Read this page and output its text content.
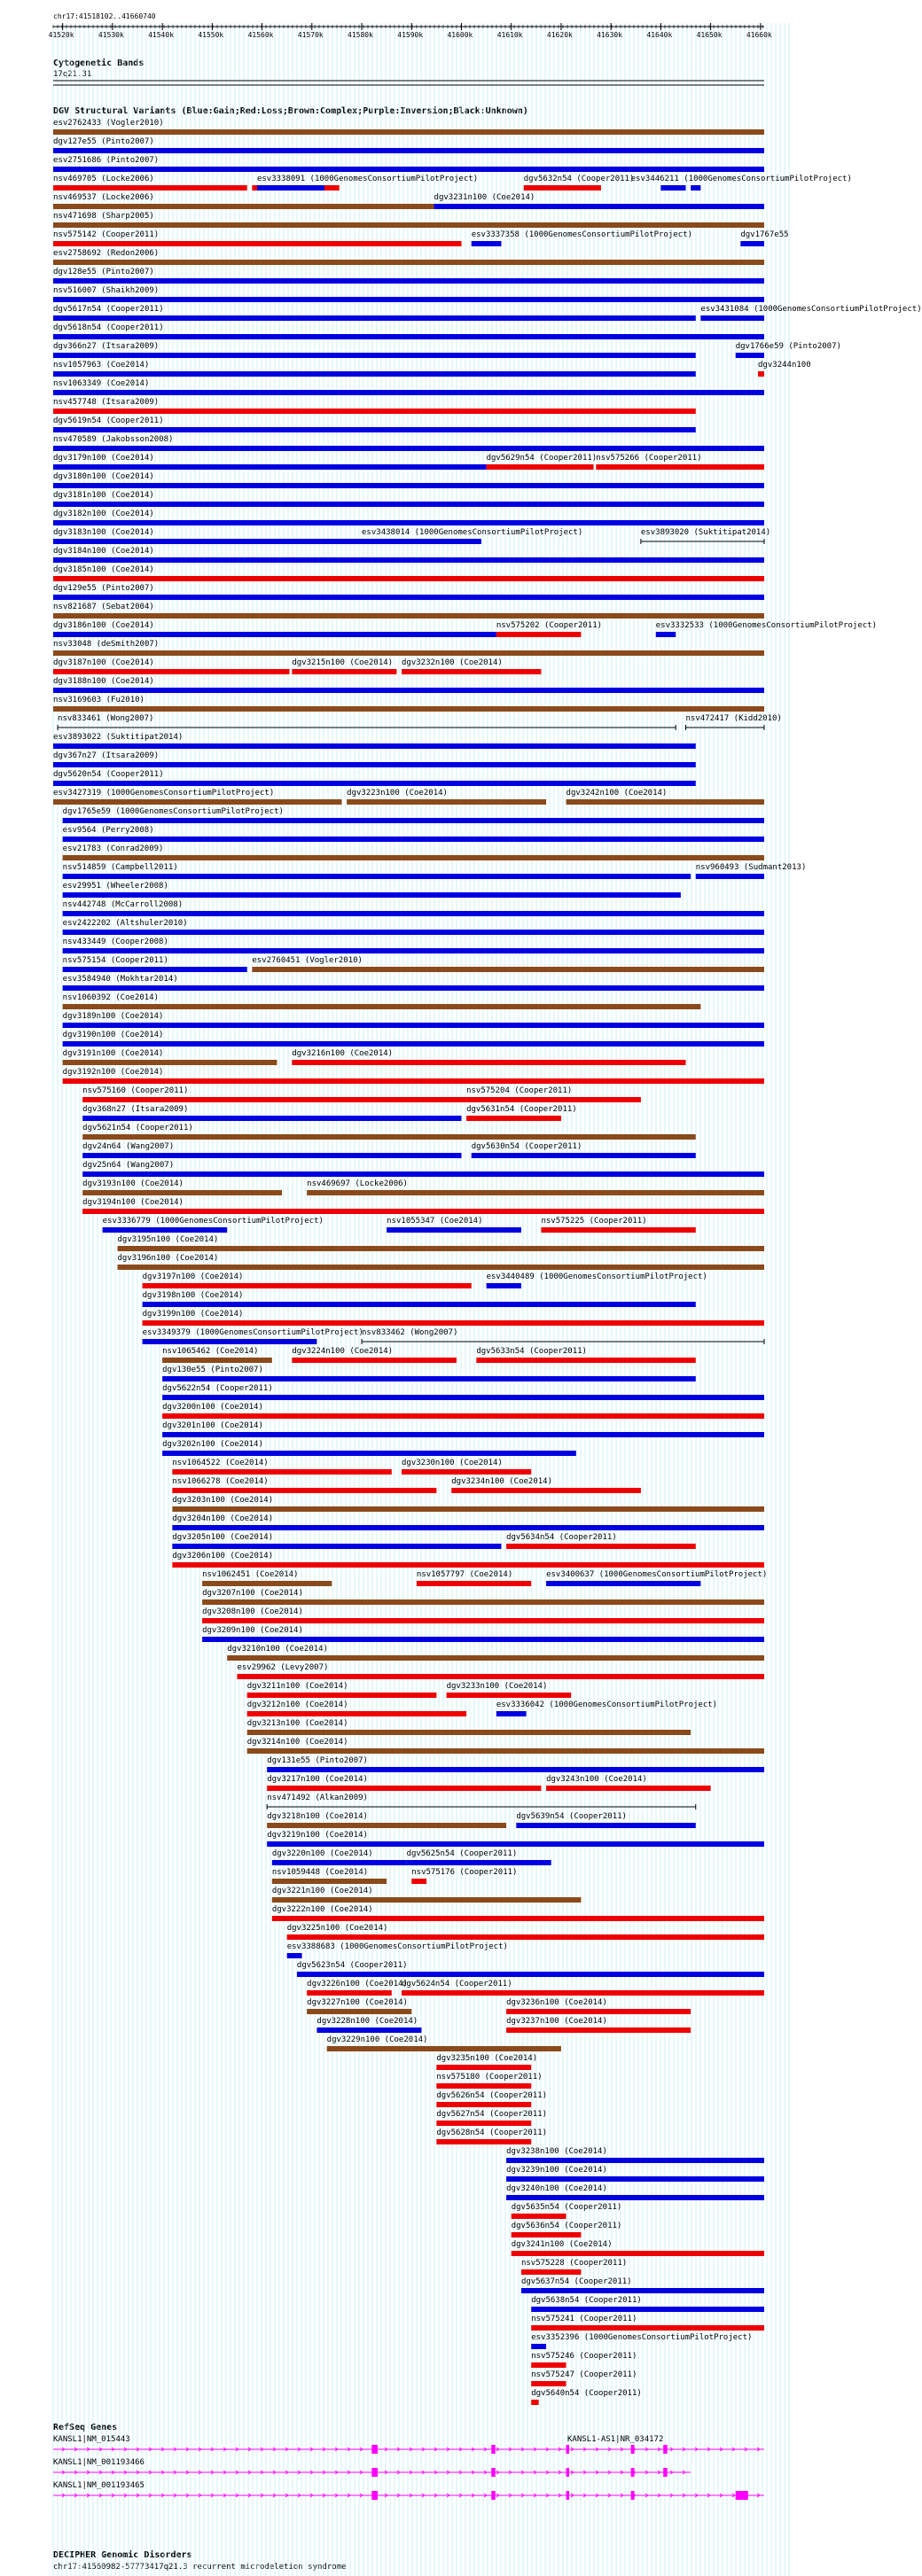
chr17:41518102..41660740
Cytogenetic Bands
17q21.31
DGV Structural Variants (Blue:Gain;Red:Loss;Brown:Complex;Purple:Inversion;Black:Unknown)
RefSeq Genes
DECIPHER Genomic Disorders
chr17:41560982-57773417q21.3 recurrent microdeletion syndrome
41520k	41530k	41540k	41550k	41560k	41570k	41580k	41590k	41600k	41610k	41620k	41630k	41640k	41650k	41660k
esv2762433 (Vogler2010)
dgv127e55 (Pinto2007)
esv2751686 (Pinto2007)
nsv469705 (Locke2006)	esv3338091 (1000GenomesConsortiumPilotProject)	dgv5632n54 (Cooper2011)
esv3446211 (1000GenomesConsortiumPilotProject)
nsv469537 (Locke2006)	dgv3231n100 (Coe2014)
nsv471698 (Sharp2005)
nsv575142 (Cooper2011)	esv3337358 (1000GenomesConsortiumPilotProject)	dgv1767e55
esv2758692 (Redon2006)
dgv128e55 (Pinto2007)
nsv516007 (Shaikh2009)
dgv5617n54 (Cooper2011)	esv3431084 (1000GenomesConsortiumPilotProject)
dgv5618n54 (Cooper2011)
dgv366n27 (Itsara2009)	dgv1766e59 (Pinto2007)
nsv1057963 (Coe2014)	dgv3244n100
nsv1063349 (Coe2014)
nsv457748 (Itsara2009)
dgv5619n54 (Cooper2011)
nsv470589 (Jakobsson2008)
dgv3179n100 (Coe2014)	dgv5629n54 (Cooper2011) nsv575266 (Cooper2011)
dgv3180n100 (Coe2014)
dgv3181n100 (Coe2014)
dgv3182n100 (Coe2014)
dgv3183n100 (Coe2014)	esv3438014 (1000GenomesConsortiumPilotProject)	esv3893020 (Suktitipat2014)
dgv3184n100 (Coe2014)
dgv3185n100 (Coe2014)
dgv129e55 (Pinto2007)
nsv821687 (Sebat2004)
dgv3186n100 (Coe2014)	nsv575202 (Cooper2011)	esv3332533 (1000GenomesConsortiumPilotProject)
nsv33048 (deSmith2007)
dgv3187n100 (Coe2014)	dgv3215n100 (Coe2014) dgv3232n100 (Coe2014)
dgv3188n100 (Coe2014)
nsv3169603 (Fu2010)
nsv833461 (Wong2007)	nsv472417 (Kidd2010)
esv3893022 (Suktitipat2014)
dgv367n27 (Itsara2009)
dgv5620n54 (Cooper2011)
esv3427319 (1000GenomesConsortiumPilotProject)	dgv3223n100 (Coe2014)	dgv3242n100 (Coe2014)
dgv1765e59 (1000GenomesConsortiumPilotProject)
esv9564 (Perry2008)
esv21783 (Conrad2009)
nsv514859 (Campbell2011)	nsv960493 (Sudmant2013)
esv29951 (Wheeler2008)
nsv442748 (McCarroll2008)
esv2422202 (Altshuler2010)
nsv433449 (Cooper2008)
nsv575154 (Cooper2011)	esv2760451 (Vogler2010)
esv3584940 (Mokhtar2014)
nsv1060392 (Coe2014)
dgv3189n100 (Coe2014)
dgv3190n100 (Coe2014)
dgv3191n100 (Coe2014)	dgv3216n100 (Coe2014)
dgv3192n100 (Coe2014)
nsv575160 (Cooper2011)	nsv575204 (Cooper2011)
dgv368n27 (Itsara2009)	dgv5631n54 (Cooper2011)
dgv5621n54 (Cooper2011)
dgv24n64 (Wang2007)	dgv5630n54 (Cooper2011)
dgv25n64 (Wang2007)
dgv3193n100 (Coe2014)	nsv469697 (Locke2006)
dgv3194n100 (Coe2014)
esv3336779 (1000GenomesConsortiumPilotProject)	nsv1055347 (Coe2014)	nsv575225 (Cooper2011)
dgv3195n100 (Coe2014)
dgv3196n100 (Coe2014)
dgv3197n100 (Coe2014)	esv3440489 (1000GenomesConsortiumPilotProject)
dgv3198n100 (Coe2014)
dgv3199n100 (Coe2014)
esv3349379 (1000GenomesConsortiumPilotProject)
nsv833462 (Wong2007)
nsv1065462 (Coe2014)	dgv3224n100 (Coe2014)	dgv5633n54 (Cooper2011)
dgv130e55 (Pinto2007)
dgv5622n54 (Cooper2011)
dgv3200n100 (Coe2014)
dgv3201n100 (Coe2014)
dgv3202n100 (Coe2014)
nsv1064522 (Coe2014)	dgv3230n100 (Coe2014)
nsv1066278 (Coe2014)	dgv3234n100 (Coe2014)
dgv3203n100 (Coe2014)
dgv3204n100 (Coe2014)
dgv3205n100 (Coe2014)	dgv5634n54 (Cooper2011)
dgv3206n100 (Coe2014)
nsv1062451 (Coe2014)	nsv1057797 (Coe2014)	esv3400637 (1000GenomesConsortiumPilotProject)
dgv3207n100 (Coe2014)
dgv3208n100 (Coe2014)
dgv3209n100 (Coe2014)
dgv3210n100 (Coe2014)
esv29962 (Levy2007)
dgv3211n100 (Coe2014)	dgv3233n100 (Coe2014)
dgv3212n100 (Coe2014)	esv3336042 (1000GenomesConsortiumPilotProject)
dgv3213n100 (Coe2014)
dgv3214n100 (Coe2014)
dgv131e55 (Pinto2007)
dgv3217n100 (Coe2014)	dgv3243n100 (Coe2014)
nsv471492 (Alkan2009)
dgv3218n100 (Coe2014)	dgv5639n54 (Cooper2011)
dgv3219n100 (Coe2014)
dgv3220n100 (Coe2014)	dgv5625n54 (Cooper2011)
nsv1059448 (Coe2014)	nsv575176 (Cooper2011)
dgv3221n100 (Coe2014)
dgv3222n100 (Coe2014)
dgv3225n100 (Coe2014)
esv3388683 (1000GenomesConsortiumPilotProject)
dgv5623n54 (Cooper2011)
dgv3226n100 (Coe2014)
dgv5624n54 (Cooper2011)
dgv3227n100 (Coe2014)	dgv3236n100 (Coe2014)
dgv3228n100 (Coe2014)	dgv3237n100 (Coe2014)
dgv3229n100 (Coe2014)
dgv3235n100 (Coe2014)
nsv575180 (Cooper2011)
dgv5626n54 (Cooper2011)
dgv5627n54 (Cooper2011)
dgv5628n54 (Cooper2011)
dgv3238n100 (Coe2014)
dgv3239n100 (Coe2014)
dgv3240n100 (Coe2014)
dgv5635n54 (Cooper2011)
dgv5636n54 (Cooper2011)
dgv3241n100 (Coe2014)
nsv575228 (Cooper2011)
dgv5637n54 (Cooper2011)
dgv5638n54 (Cooper2011)
nsv575241 (Cooper2011)
esv3352396 (1000GenomesConsortiumPilotProject)
nsv575246 (Cooper2011)
nsv575247 (Cooper2011)
dgv5640n54 (Cooper2011)
KANSL1|NM_015443	KANSL1-AS1|NR_034172
KANSL1|NM_001193466
KANSL1|NM_001193465
